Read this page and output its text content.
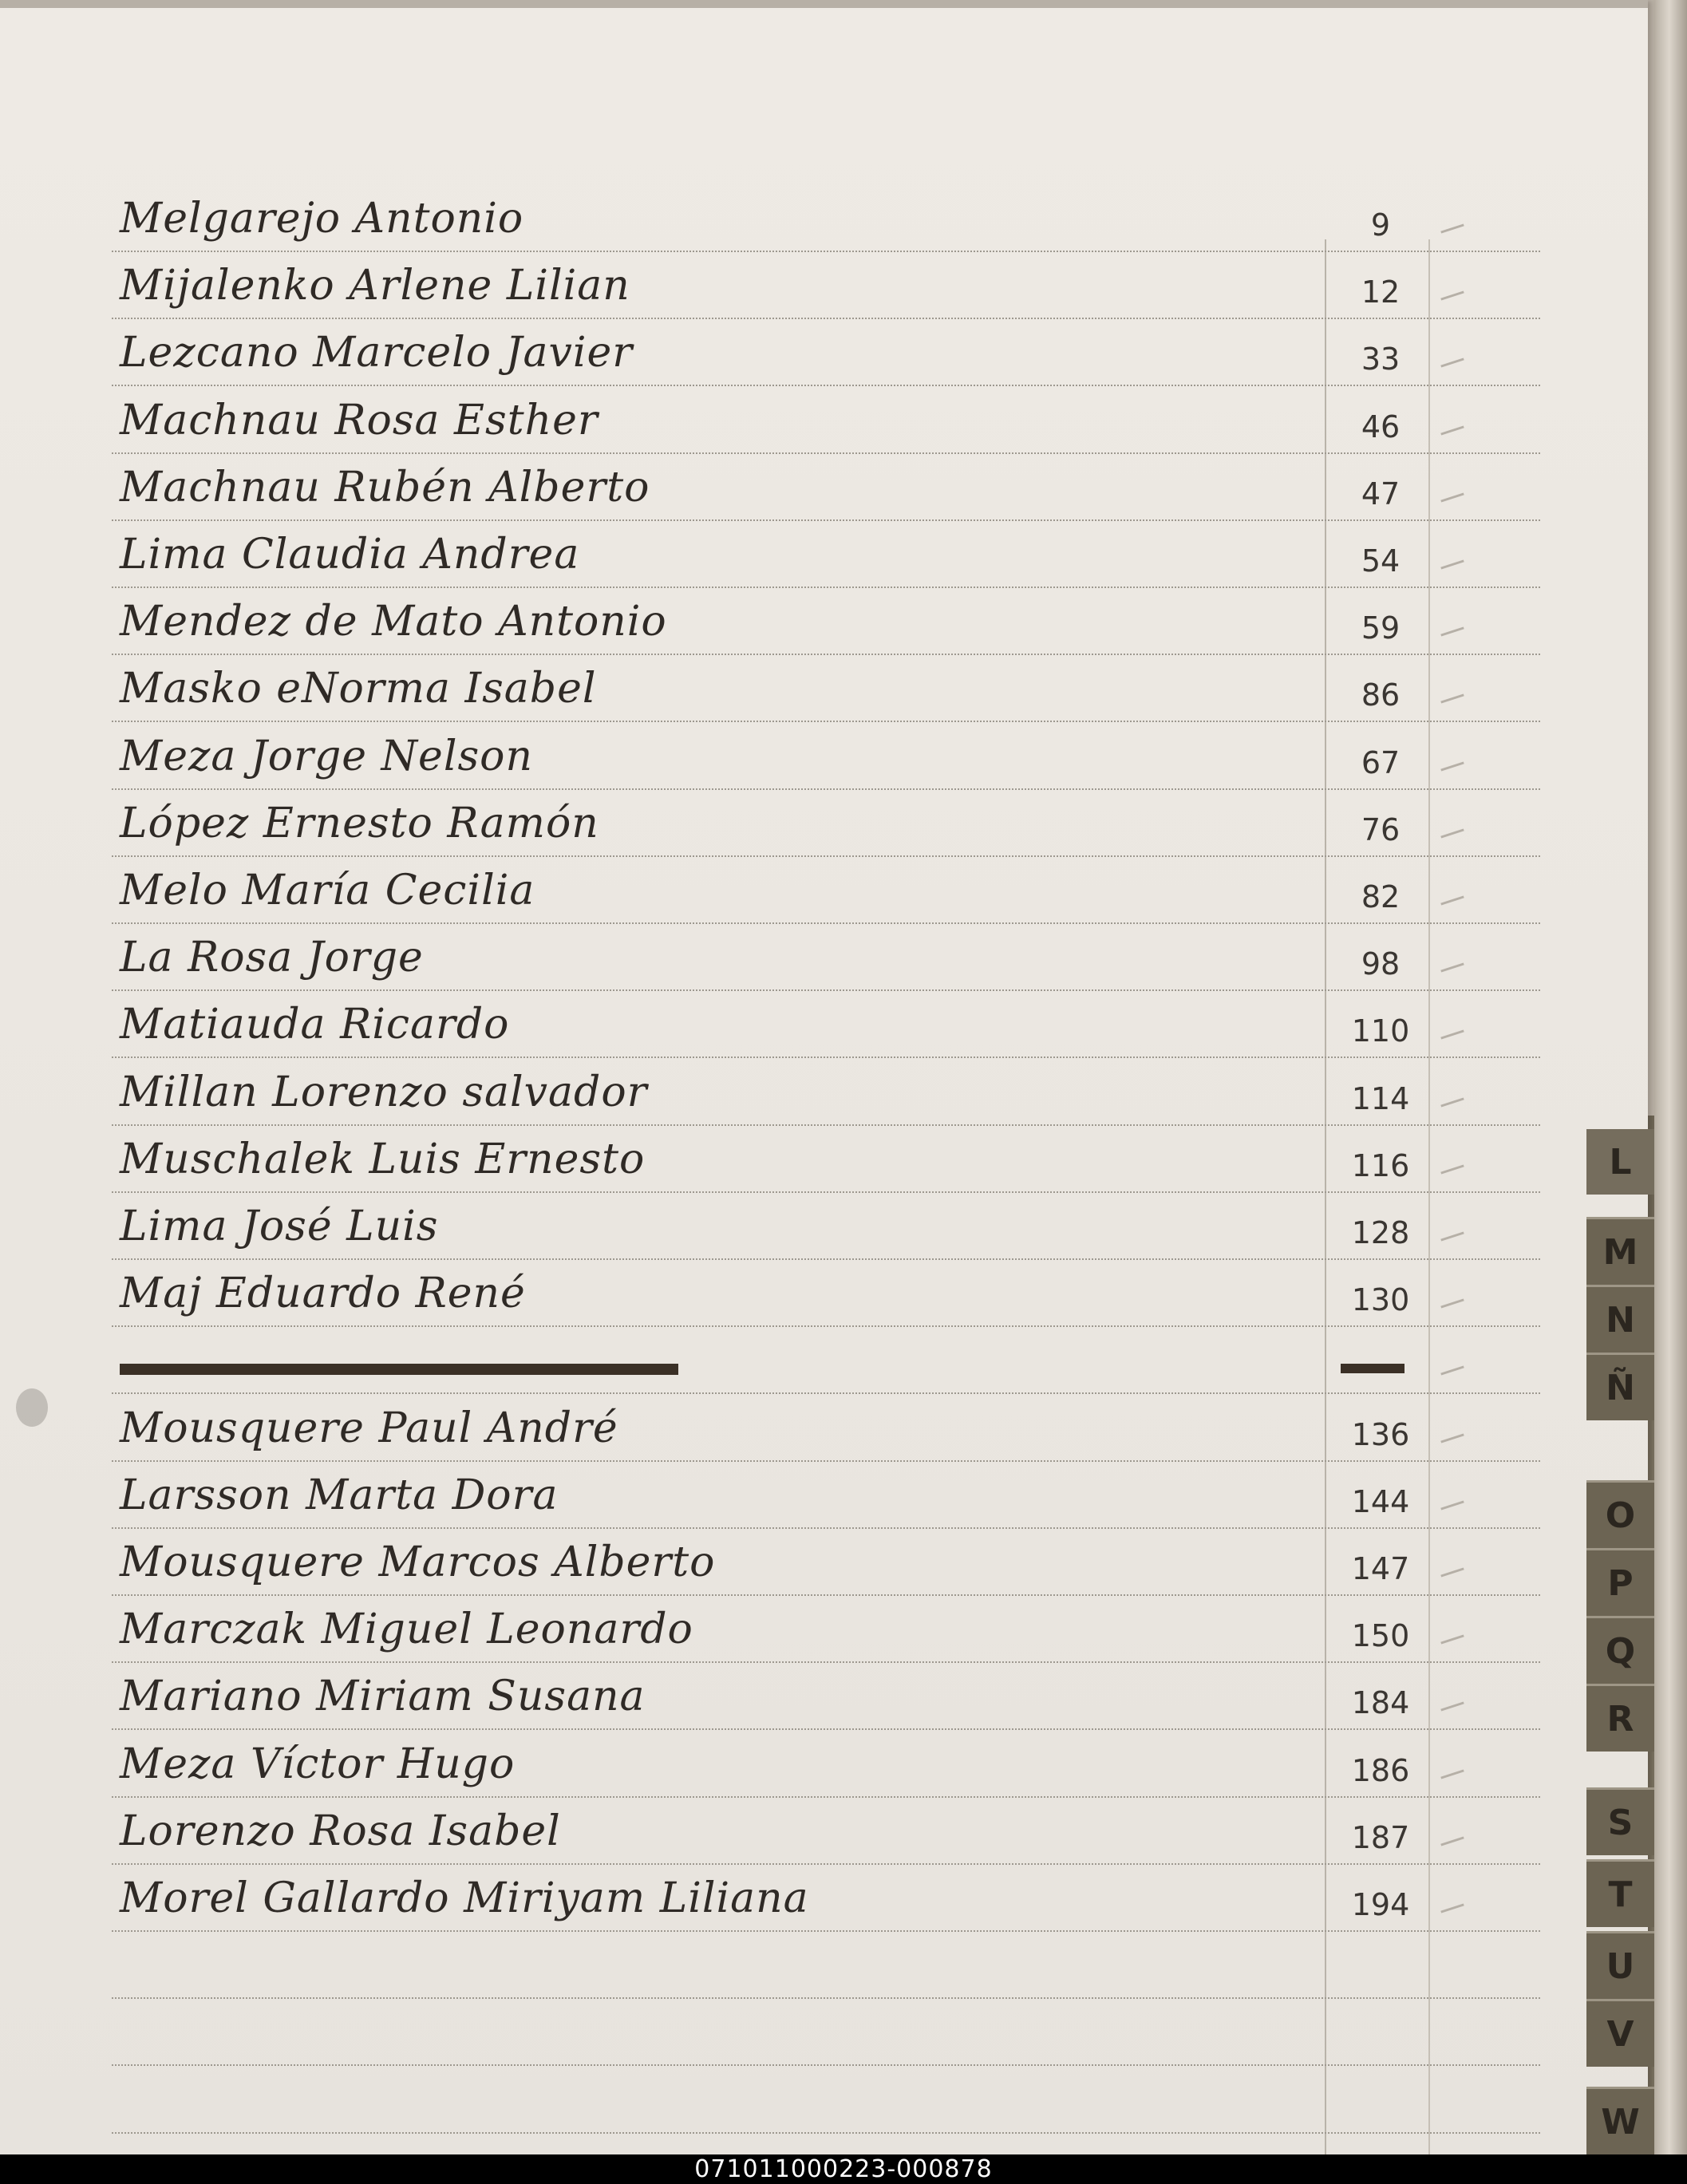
Melgarejo Antonio	9
Mijalenko Arlene Lilian	12
Lezcano Marcelo Javier	33
Machnau Rosa Esther	46
Machnau Rubén Alberto	47
Lima Claudia Andrea	54
Mendez de Mato Antonio	59
Masko eNorma Isabel	86
Meza Jorge Nelson	67
López Ernesto Ramón	76
Melo María Cecilia	82
La Rosa Jorge	98
Matiauda Ricardo	110
Millan Lorenzo salvador	114
Muschalek Luis Ernesto	116
Lima José Luis	128
Maj Eduardo René	130
Mousquere Paul André	136
Larsson Marta Dora	144
Mousquere Marcos Alberto	147
Marczak Miguel Leonardo	150
Mariano Miriam Susana	184
Meza Víctor Hugo	186
Lorenzo Rosa Isabel	187
Morel Gallardo Miriyam Liliana	194
L
M
N
Ñ
O
P
Q
R
S
T
U
V
W
071011000223-000878
